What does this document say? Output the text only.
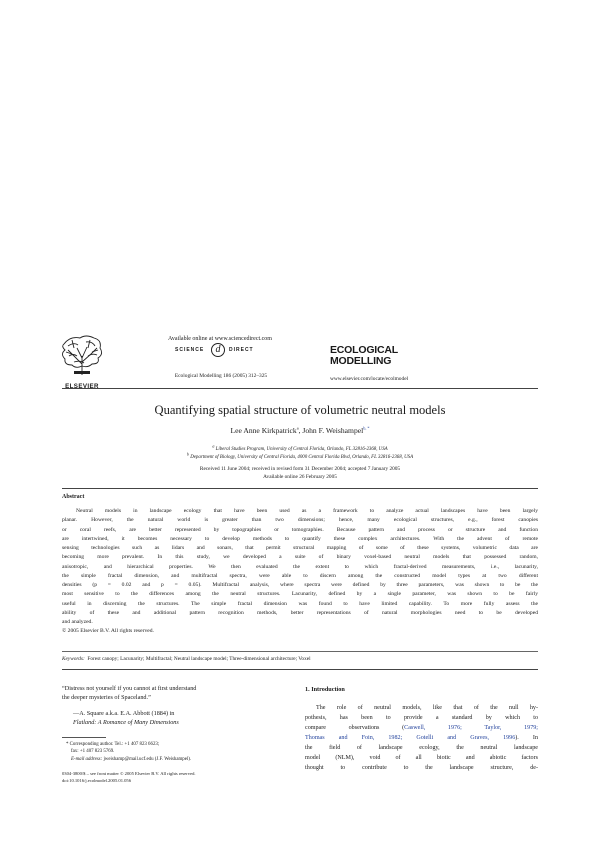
ELSEVIER
Available online at www.sciencedirect.com
SCIENCE	d	DIRECT
Ecological Modelling 186 (2005) 312–325
ECOLOGICAL
MODELLING
www.elsevier.com/locate/ecolmodel
Quantifying spatial structure of volumetric neutral models
Lee Anne Kirkpatrick$^a$, John F. Weishampel$^{b, *}$
$^a$ Liberal Studies Program, University of Central Florida, Orlando, FL 32816-2368, USA
$^b$ Department of Biology, University of Central Florida, 4000 Central Florida Blvd, Orlando, FL 32816-2368, USA
Received 11 June 2004; received in revised form 31 December 2004; accepted 7 January 2005
Available online 26 February 2005
Abstract
Neutral models in landscape ecology that have been used as a framework to analyze actual landscapes have been largely
planar. However, the natural world is greater than two dimensions; hence, many ecological structures, e.g., forest canopies
or coral reefs, are better represented by topographies or tomographies. Because pattern and process or structure and function
are intertwined, it becomes necessary to develop methods to quantify these complex architectures. With the advent of remote
sensing technologies such as lidars and sonars, that permit structural mapping of some of these systems, volumetric data are
becoming more prevalent. In this study, we developed a suite of binary voxel-based neutral models that possessed random,
anisotropic, and hierarchical properties. We then evaluated the extent to which fractal-derived measurements, i.e., lacunarity,
the simple fractal dimension, and multifractal spectra, were able to discern among the constructed model types at two different
densities (p = 0.02 and p = 0.05). Multifractal analysis, where spectra were defined by three parameters, was shown to be the
most sensitive to the differences among the neutral structures. Lacunarity, defined by a single parameter, was shown to be fairly
useful in discerning the structures. The simple fractal dimension was found to have limited capability. To more fully assess the
ability of these and additional pattern recognition methods, better representations of natural morphologies need to be developed
and analyzed.
© 2005 Elsevier B.V. All rights reserved.
Keywords: Forest canopy; Lacunarity; Multifractal; Neutral landscape model; Three-dimensional architecture; Voxel
“Distress not yourself if you cannot at first understand
the deeper mysteries of Spaceland.”
—A. Square a.k.a. E.A. Abbott (1884) in
Flatland: A Romance of Many Dimensions
* Corresponding author. Tel.: +1 407 823 6623;
fax: +1 407 823 5769.
E-mail address: jweishamp@mail.ucf.edu (J.F. Weishampel).
0304-3800/$ – see front matter © 2005 Elsevier B.V. All rights reserved.
doi:10.1016/j.ecolmodel.2005.01.056
1. Introduction
The role of neutral models, like that of the null hy-
pothesis, has been to provide a standard by which to
compare observations (Caswell, 1976; Taylor, 1979;
Thomas and Foin, 1982; Gotelli and Graves, 1996). In
the field of landscape ecology, the neutral landscape
model (NLM), void of all biotic and abiotic factors
thought to contribute to the landscape structure, de-
